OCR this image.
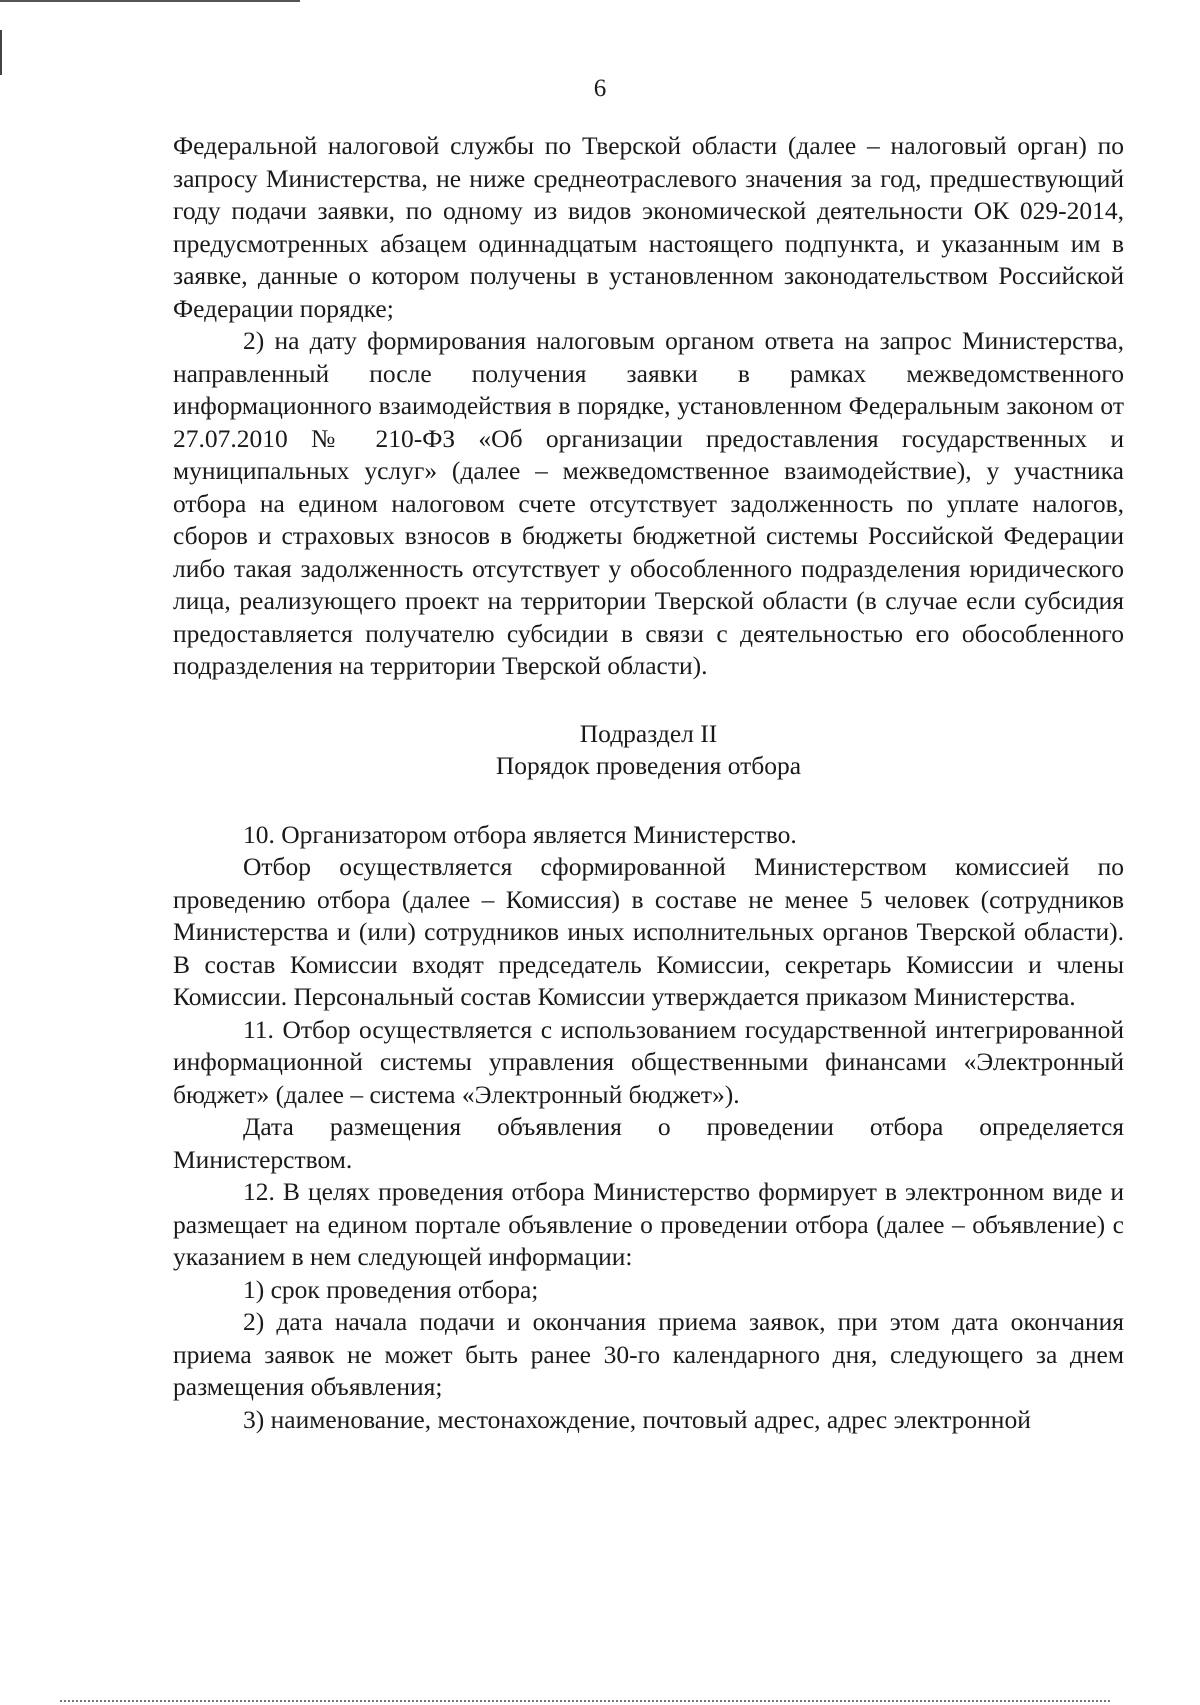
6

Федеральной налоговой службы по Тверской области (далее – налоговый орган) по запросу Министерства, не ниже среднеотраслевого значения за год, предшествующий году подачи заявки, по одному из видов экономической деятельности ОК 029-2014, предусмотренных абзацем одиннадцатым настоящего подпункта, и указанным им в заявке, данные о котором получены в установленном законодательством Российской Федерации порядке;

2) на дату формирования налоговым органом ответа на запрос Министерства, направленный после получения заявки в рамках межведомственного информационного взаимодействия в порядке, установленном Федеральным законом от 27.07.2010 № 210-ФЗ «Об организации предоставления государственных и муниципальных услуг» (далее – межведомственное взаимодействие), у участника отбора на едином налоговом счете отсутствует задолженность по уплате налогов, сборов и страховых взносов в бюджеты бюджетной системы Российской Федерации либо такая задолженность отсутствует у обособленного подразделения юридического лица, реализующего проект на территории Тверской области (в случае если субсидия предоставляется получателю субсидии в связи с деятельностью его обособленного подразделения на территории Тверской области).

Подраздел II

Порядок проведения отбора

10. Организатором отбора является Министерство.

Отбор осуществляется сформированной Министерством комиссией по проведению отбора (далее – Комиссия) в составе не менее 5 человек (сотрудников Министерства и (или) сотрудников иных исполнительных органов Тверской области). В состав Комиссии входят председатель Комиссии, секретарь Комиссии и члены Комиссии. Персональный состав Комиссии утверждается приказом Министерства.

11. Отбор осуществляется с использованием государственной интегрированной информационной системы управления общественными финансами «Электронный бюджет» (далее – система «Электронный бюджет»).

Дата размещения объявления о проведении отбора определяется Министерством.

12. В целях проведения отбора Министерство формирует в электронном виде и размещает на едином портале объявление о проведении отбора (далее – объявление) с указанием в нем следующей информации:

1) срок проведения отбора;

2) дата начала подачи и окончания приема заявок, при этом дата окончания приема заявок не может быть ранее 30-го календарного дня, следующего за днем размещения объявления;

3) наименование, местонахождение, почтовый адрес, адрес электронной
